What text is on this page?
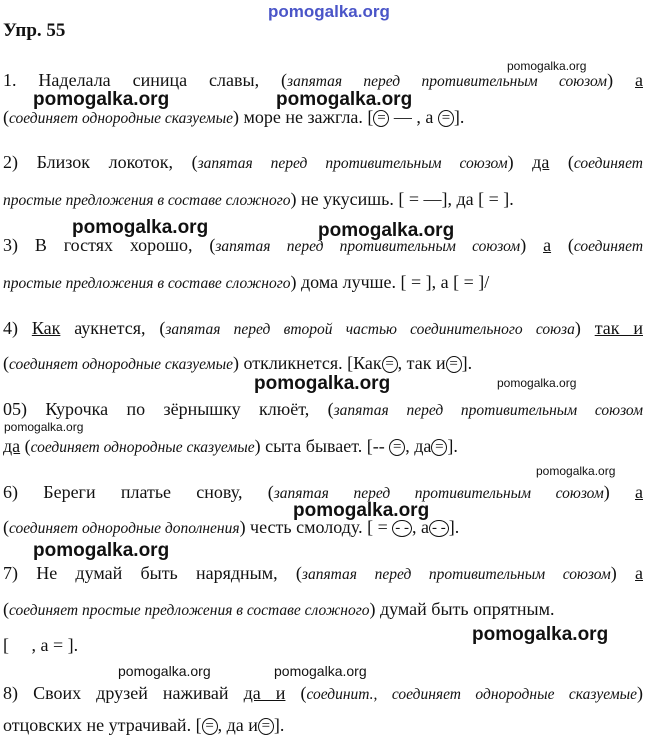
pomogalka.org
Упр. 55
pomogalka.org
pomogalka.org	pomogalka.org
pomogalka.org	pomogalka.org
pomogalka.org	pomogalka.org
pomogalka.org
pomogalka.org
pomogalka.org
pomogalka.org
pomogalka.org
pomogalka.org	pomogalka.org
1. Наделала синица славы, (запятая перед противительным союзом) а
(соединяет однородные сказуемые) море не зажгла. [ = — , а = ].
2) Близок локоток, (запятая перед противительным союзом) да (соединяет
простые предложения в составе сложного) не укусишь. [ = —], да [ = ].
3) В гостях хорошо, (запятая перед противительным союзом) а (соединяет
простые предложения в составе сложного) дома лучше. [ = ], а [ = ]/
4) Как аукнется, (запятая перед второй частью соединительного союза) так и
(соединяет однородные сказуемые) откликнется. [Как = , так и = ].
05) Курочка по зёрнышку клюёт, (запятая перед противительным союзом
да (соединяет однородные сказуемые) сыта бывает. [-- = , да = ].
6) Береги платье снову, (запятая перед противительным союзом) а
(соединяет однородные дополнения) честь смолоду. [ = - - , а - - ].
7) Не думай быть нарядным, (запятая перед противительным союзом) а
(соединяет простые предложения в составе сложного) думай быть опрятным.
[     , а = ].
8) Своих друзей наживай да и (соединит., соединяет однородные сказуемые)
отцовских не утрачивай. [ = , да и = ].
